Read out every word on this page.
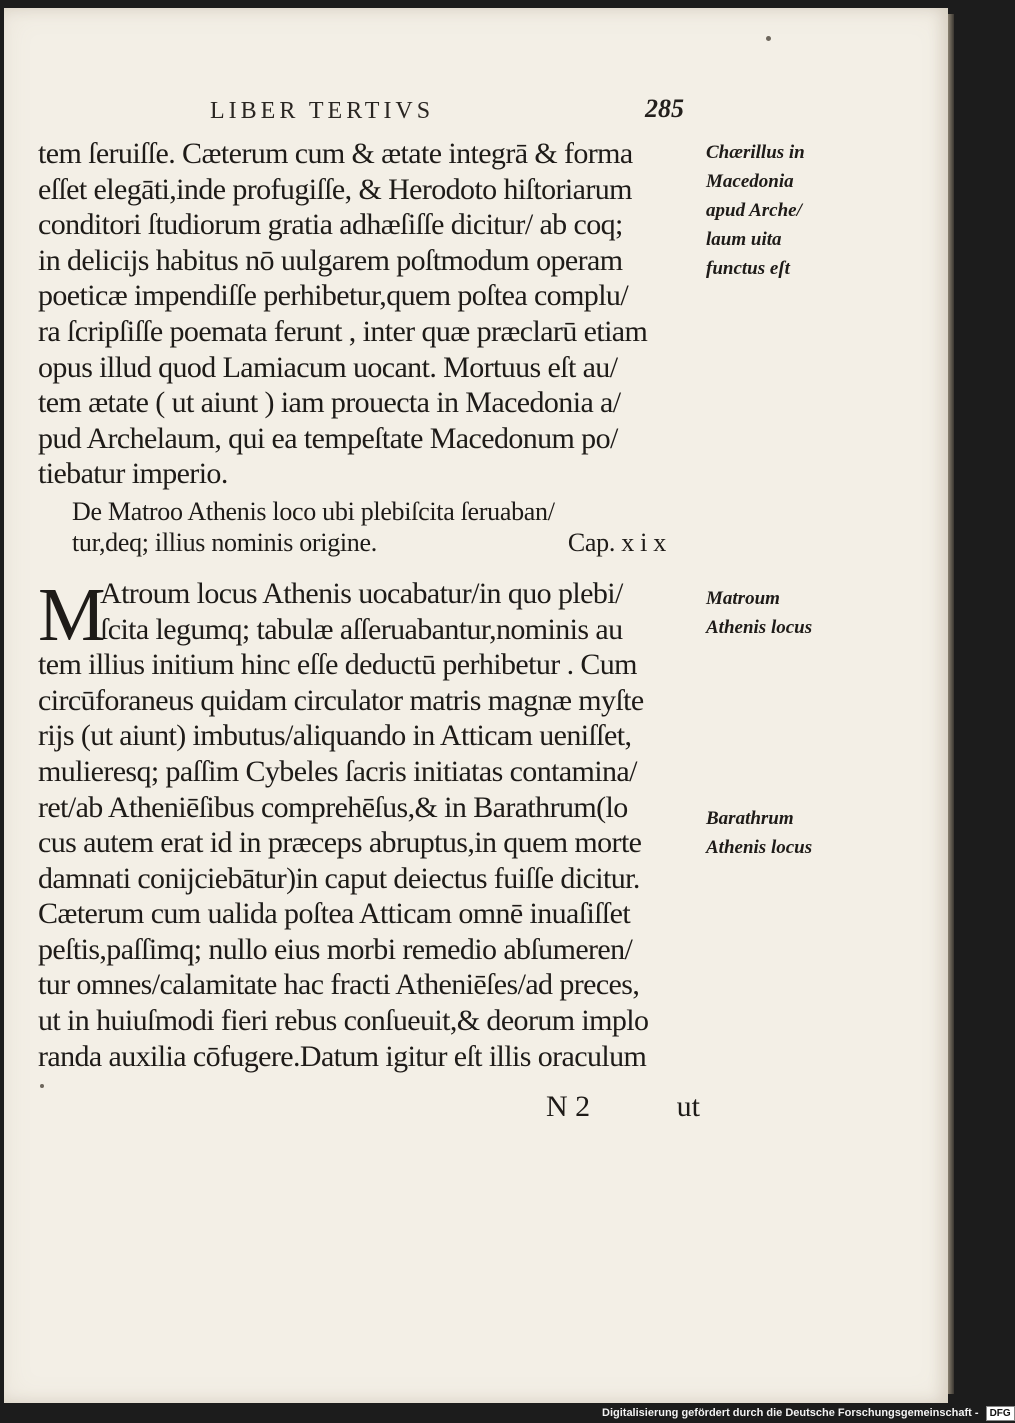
LIBER TERTIVS	285
tem ſeruiſſe. Cæterum cum & ætate integrā & forma
eſſet elegāti,inde profugiſſe, & Herodoto hiſtoriarum
conditori ſtudiorum gratia adhæſiſſe dicitur/ ab coq;
in delicijs habitus nō uulgarem poſtmodum operam
poeticæ impendiſſe perhibetur,quem poſtea complu/
ra ſcripſiſſe poemata ferunt , inter quæ præclarū etiam
opus illud quod Lamiacum uocant. Mortuus eſt au/
tem ætate ( ut aiunt ) iam prouecta in Macedonia a/
pud Archelaum, qui ea tempeſtate Macedonum po/
tiebatur imperio.
De Matroo Athenis loco ubi plebiſcita ſeruaban/
tur,deq; illius nominis origine.	Cap. x i x
M
Atroum locus Athenis uocabatur/in quo plebi/
ſcita legumq; tabulæ aſſeruabantur,nominis au
tem illius initium hinc eſſe deductū perhibetur . Cum
circūforaneus quidam circulator matris magnæ myſte
rijs (ut aiunt) imbutus/aliquando in Atticam ueniſſet,
mulieresq; paſſim Cybeles ſacris initiatas contamina/
ret/ab Atheniēſibus comprehēſus,& in Barathrum(lo
cus autem erat id in præceps abruptus,in quem morte
damnati conijciebātur)in caput deiectus fuiſſe dicitur.
Cæterum cum ualida poſtea Atticam omnē inuaſiſſet
peſtis,paſſimq; nullo eius morbi remedio abſumeren/
tur omnes/calamitate hac fracti Atheniēſes/ad preces,
ut in huiuſmodi fieri rebus conſueuit,& deorum implo
randa auxilia cōfugere.Datum igitur eſt illis oraculum
Chærillus in
Macedonia
apud Arche/
laum uita
functus eſt
Matroum
Athenis locus
Barathrum
Athenis locus
N 2	ut
Digitalisierung gefördert durch die Deutsche Forschungsgemeinschaft - DFG
